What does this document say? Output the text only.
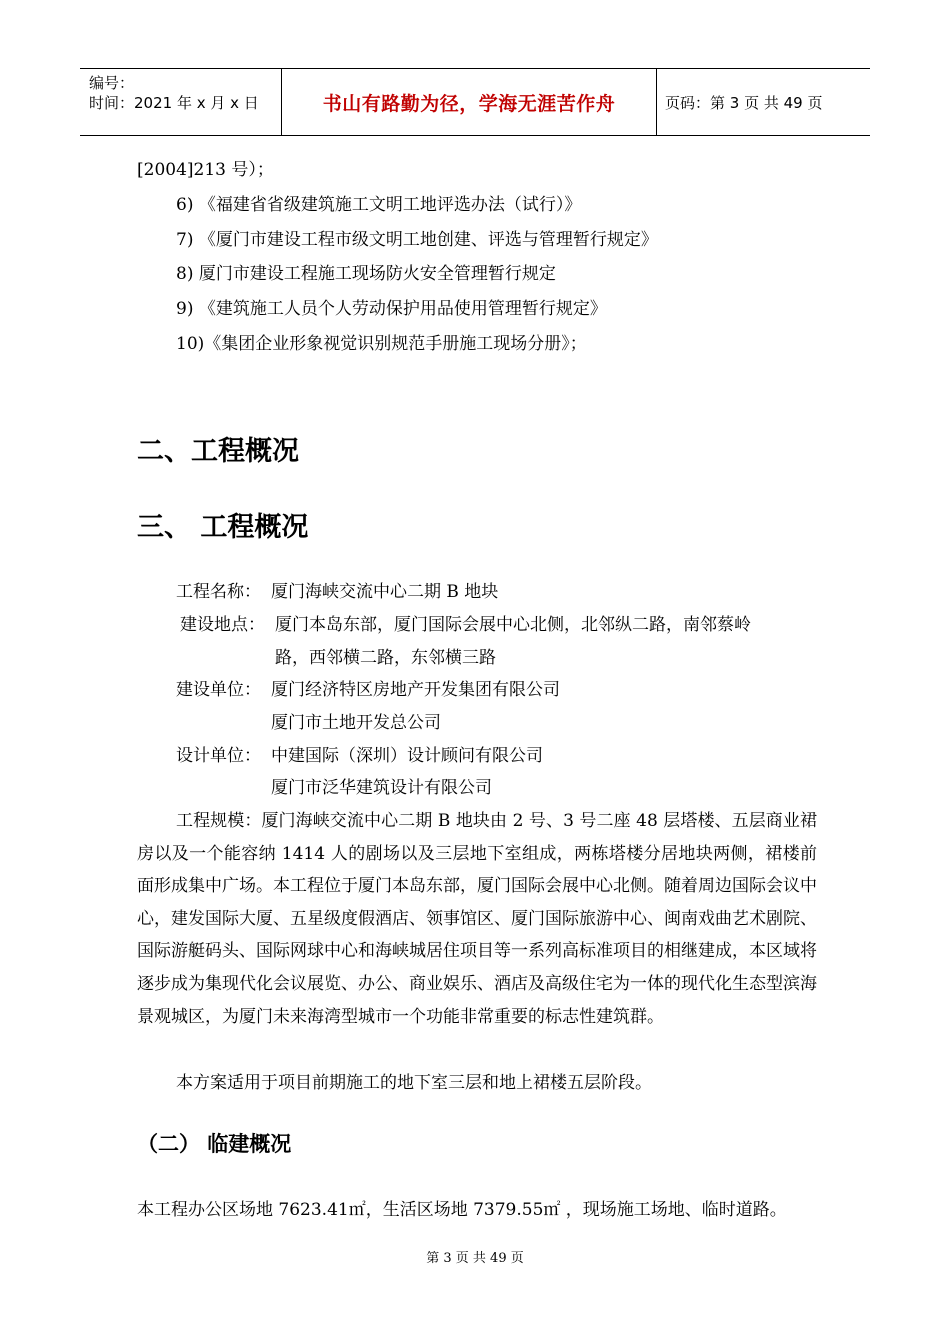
编号：
时间：2021 年 x 月 x 日	书山有路勤为径，学海无涯苦作舟	页码：第 3 页 共 49 页
[2004]213 号）；
6) 《福建省省级建筑施工文明工地评选办法（试行）》
7) 《厦门市建设工程市级文明工地创建、评选与管理暂行规定》
8) 厦门市建设工程施工现场防火安全管理暂行规定
9) 《建筑施工人员个人劳动保护用品使用管理暂行规定》
10)《集团企业形象视觉识别规范手册施工现场分册》；
二、工程概况
三、 工程概况
工程名称： 厦门海峡交流中心二期 B 地块
建设地点： 厦门本岛东部，厦门国际会展中心北侧，北邻纵二路，南邻蔡岭
路，西邻横二路，东邻横三路
建设单位： 厦门经济特区房地产开发集团有限公司
厦门市土地开发总公司
设计单位： 中建国际（深圳）设计顾问有限公司
厦门市泛华建筑设计有限公司
工程规模：厦门海峡交流中心二期 B 地块由 2 号、3 号二座 48 层塔楼、五层商业裙房以及一个能容纳 1414 人的剧场以及三层地下室组成，两栋塔楼分居地块两侧，裙楼前面形成集中广场。本工程位于厦门本岛东部，厦门国际会展中心北侧。随着周边国际会议中心，建发国际大厦、五星级度假酒店、领事馆区、厦门国际旅游中心、闽南戏曲艺术剧院、国际游艇码头、国际网球中心和海峡城居住项目等一系列高标准项目的相继建成，本区域将逐步成为集现代化会议展览、办公、商业娱乐、酒店及高级住宅为一体的现代化生态型滨海景观城区，为厦门未来海湾型城市一个功能非常重要的标志性建筑群。
本方案适用于项目前期施工的地下室三层和地上裙楼五层阶段。
（二） 临建概况
本工程办公区场地 7623.41㎡，生活区场地 7379.55㎡ ，现场施工场地、临时道路。
第 3 页 共 49 页
